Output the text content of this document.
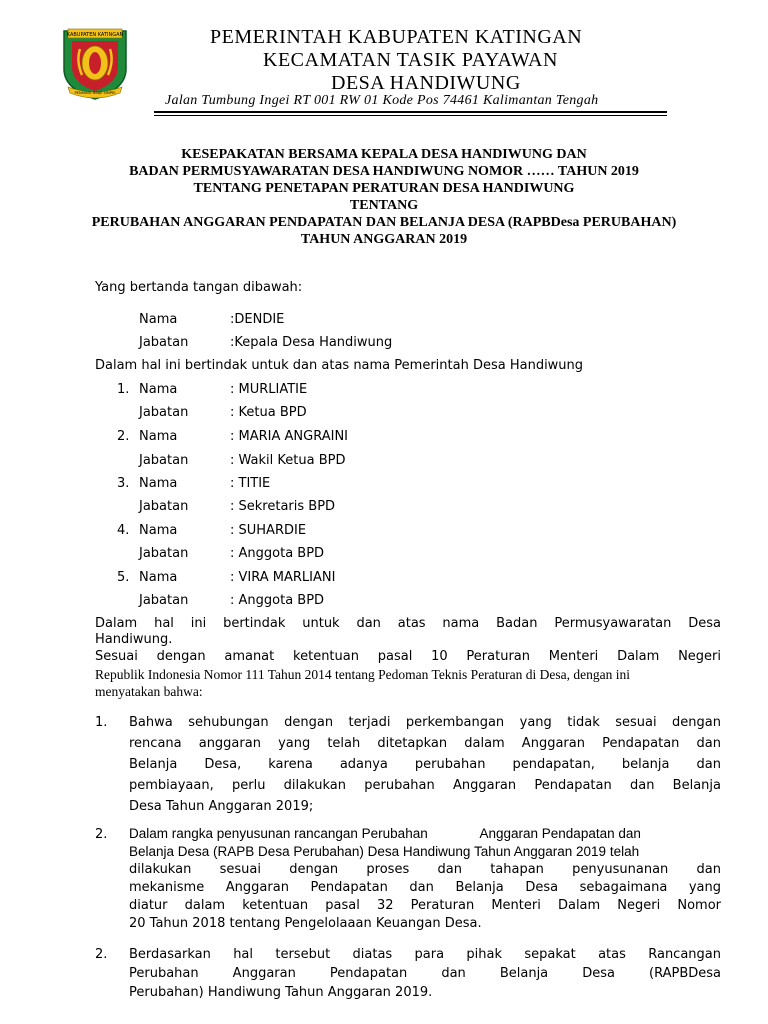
KABUPATEN KATINGAN
PENYANG HINJE SIMPEI
PEMERINTAH KABUPATEN KATINGAN
KECAMATAN TASIK PAYAWAN
DESA HANDIWUNG
Jalan Tumbung Ingei RT 001 RW 01 Kode Pos 74461 Kalimantan Tengah
KESEPAKATAN BERSAMA KEPALA DESA HANDIWUNG DAN
BADAN PERMUSYAWARATAN DESA HANDIWUNG NOMOR …… TAHUN 2019
TENTANG PENETAPAN PERATURAN DESA HANDIWUNG
TENTANG
PERUBAHAN ANGGARAN PENDAPATAN DAN BELANJA DESA (RAPBDesa PERUBAHAN)
TAHUN ANGGARAN 2019
Yang bertanda tangan dibawah:
Nama	:DENDIE
Jabatan	:Kepala Desa Handiwung
Dalam hal ini bertindak untuk dan atas nama Pemerintah Desa Handiwung
1. Nama	: MURLIATIE
Jabatan	: Ketua BPD
2. Nama	: MARIA ANGRAINI
Jabatan	: Wakil Ketua BPD
3. Nama	: TITIE
Jabatan	: Sekretaris BPD
4. Nama	: SUHARDIE
Jabatan	: Anggota BPD
5. Nama	: VIRA MARLIANI
Jabatan	: Anggota BPD
Dalam hal ini bertindak untuk dan atas nama Badan Permusyawaratan Desa
Handiwung.
Sesuai dengan amanat ketentuan pasal 10 Peraturan Menteri Dalam Negeri
Republik Indonesia Nomor 111 Tahun 2014 tentang Pedoman Teknis Peraturan di Desa, dengan ini
menyatakan bahwa:
1. Bahwa sehubungan dengan terjadi perkembangan yang tidak sesuai dengan
rencana anggaran yang telah ditetapkan dalam Anggaran Pendapatan dan
Belanja Desa, karena adanya perubahan pendapatan, belanja dan
pembiayaan, perlu dilakukan perubahan Anggaran Pendapatan dan Belanja
Desa Tahun Anggaran 2019;
2. Dalam rangka penyusunan rancangan Perubahan              Anggaran Pendapatan dan
Belanja Desa (RAPB Desa Perubahan) Desa Handiwung Tahun Anggaran 2019 telah
dilakukan sesuai dengan proses dan tahapan penyusunanan dan
mekanisme Anggaran Pendapatan dan Belanja Desa sebagaimana yang
diatur dalam ketentuan pasal 32 Peraturan Menteri Dalam Negeri Nomor
20 Tahun 2018 tentang Pengelolaaan Keuangan Desa.
2. Berdasarkan hal tersebut diatas para pihak sepakat atas Rancangan
Perubahan Anggaran Pendapatan dan Belanja Desa (RAPBDesa
Perubahan) Handiwung Tahun Anggaran 2019.
